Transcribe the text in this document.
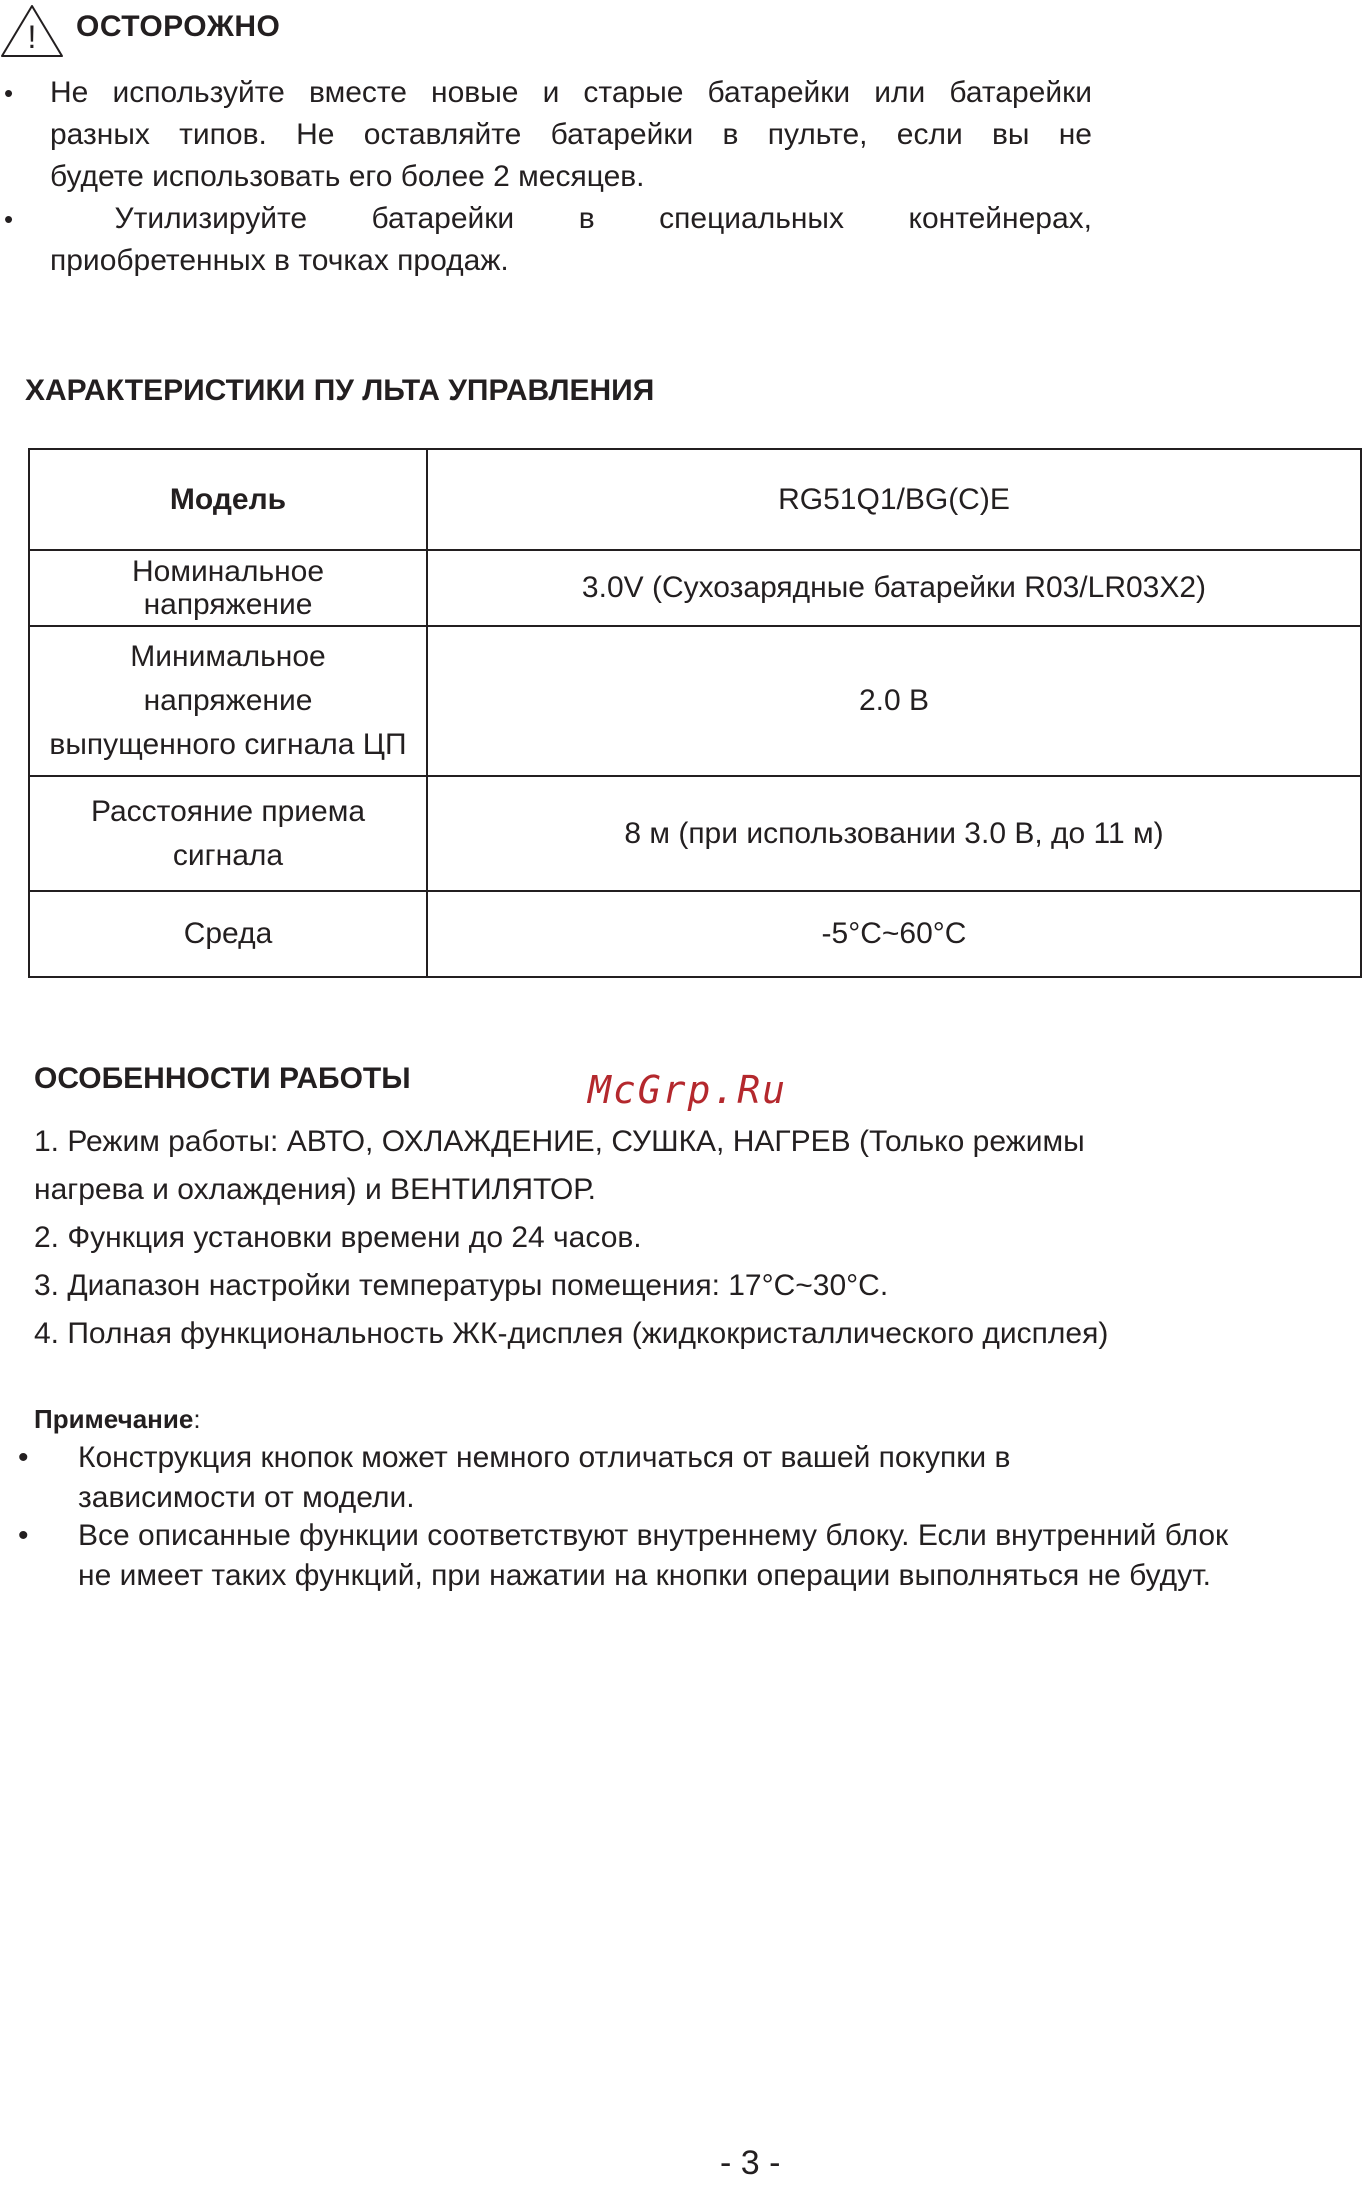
! ОСТОРОЖНО
• Не используйте вместе новые и старые батарейки или батарейки
разных типов. Не оставляйте батарейки в пульте, если вы не
будете использовать его более 2 месяцев.
• Утилизируйте батарейки в специальных контейнерах,
приобретенных в точках продаж.
ХАРАКТЕРИСТИКИ ПУ ЛЬТА УПРАВЛЕНИЯ
Модель	RG51Q1/BG(C)E

Номинальное
напряжение	3.0V (Сухозарядные батарейки R03/LR03X2)

Минимальное
напряжение
выпущенного сигнала ЦП	2.0 В

Расстояние приема
сигнала	8 м (при использовании 3.0 В, до 11 м)
Среда	-5°C~60°C
ОСОБЕННОСТИ РАБОТЫ	McGrp.Ru
1. Режим работы: АВТО, ОХЛАЖДЕНИЕ, СУШКА, НАГРЕВ (Только режимы
нагрева и охлаждения) и ВЕНТИЛЯТОР.
2. Функция установки времени до 24 часов.
3. Диапазон настройки температуры помещения: 17°C~30°C.
4. Полная функциональность ЖК-дисплея (жидкокристаллического дисплея)
Примечание:
• Конструкция кнопок может немного отличаться от вашей покупки в
зависимости от модели.
• Все описанные функции соответствуют внутреннему блоку. Если внутренний блок
не имеет таких функций, при нажатии на кнопки операции выполняться не будут.
- 3 -
